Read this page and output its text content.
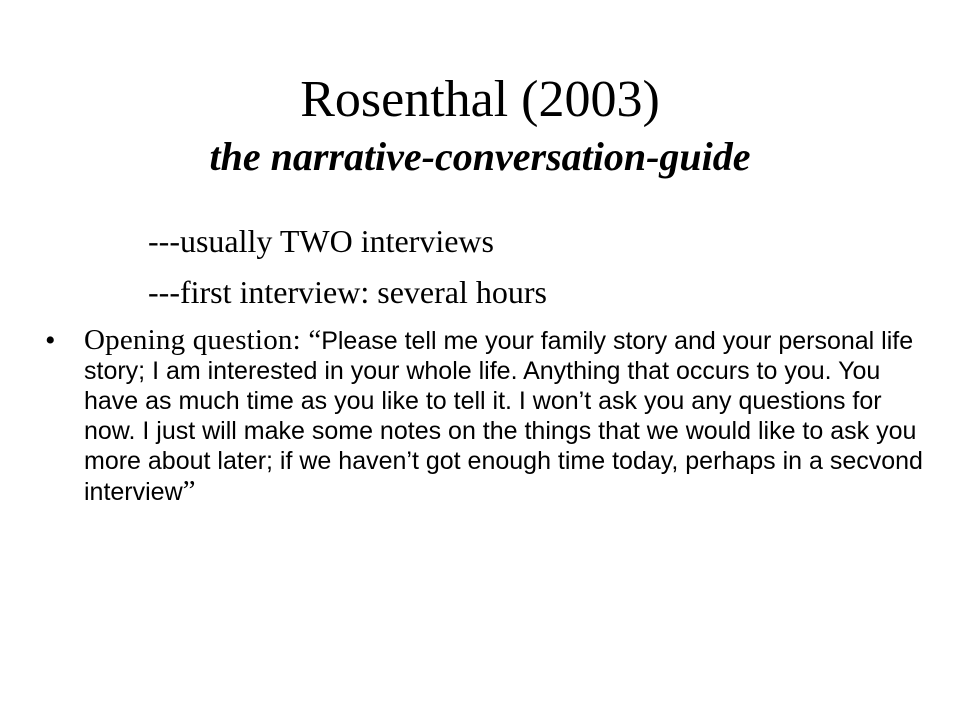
Rosenthal (2003)
the narrative-conversation-guide
---usually TWO interviews
---first interview: several hours
• Opening question: “Please tell me your family story and your personal life story; I am interested in your whole life. Anything that occurs to you. You have as much time as you like to tell it. I won’t ask you any questions for now. I just will make some notes on the things that we would like to ask you more about later; if we haven’t got enough time today, perhaps in a secvond interview”
